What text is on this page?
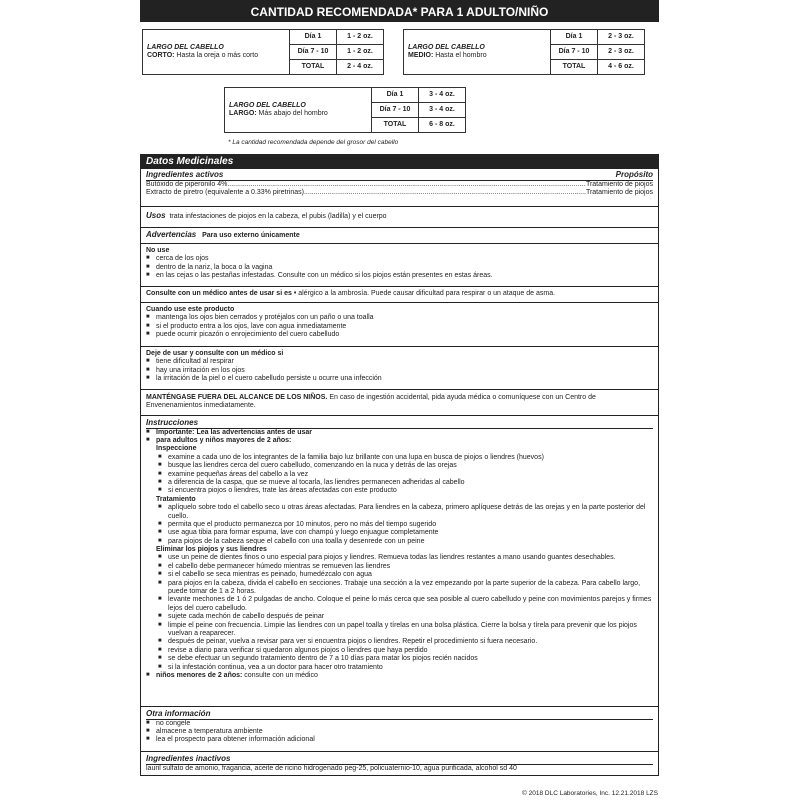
CANTIDAD RECOMENDADA* PARA 1 ADULTO/NIÑO
LARGO DEL CABELLO
CORTO: Hasta la oreja o más corto	Día 1	1 - 2 oz.
	Día 7 - 10	1 - 2 oz.
	TOTAL	2 - 4 oz.
LARGO DEL CABELLO
MEDIO: Hasta el hombro	Día 1	2 - 3 oz.
	Día 7 - 10	2 - 3 oz.
	TOTAL	4 - 6 oz.
LARGO DEL CABELLO
LARGO: Más abajo del hombro	Día 1	3 - 4 oz.
	Día 7 - 10	3 - 4 oz.
	TOTAL	6 - 8 oz.
* La cantidad recomendada depende del grosor del cabello
Datos Medicinales
Ingredientes activos	Propósito
Butóxido de piperonilo 4% .....	Tratamiento de piojos
Extracto de piretro (equivalente a 0.33% piretrinas) .....	Tratamiento de piojos
Usos trata infestaciones de piojos en la cabeza, el pubis (ladilla) y el cuerpo
Advertencias Para uso externo únicamente
No use
■ cerca de los ojos
■ dentro de la nariz, la boca o la vagina
■ en las cejas o las pestañas infestadas. Consulte con un médico si los piojos están presentes en estas áreas.
Consulte con un médico antes de usar si es • alérgico a la ambrosía. Puede causar dificultad para respirar o un ataque de asma.
Cuando use este producto
■ mantenga los ojos bien cerrados y protéjalos con un paño o una toalla
■ si el producto entra a los ojos, lave con agua inmediatamente
■ puede ocurrir picazón o enrojecimiento del cuero cabelludo
Deje de usar y consulte con un médico si
■ tiene dificultad al respirar
■ hay una irritación en los ojos
■ la irritación de la piel o el cuero cabelludo persiste u ocurre una infección
MANTÉNGASE FUERA DEL ALCANCE DE LOS NIÑOS. En caso de ingestión accidental, pida ayuda médica o comuníquese con un Centro de Envenenamientos inmediatamente.
Instrucciones
■ Importante: Lea las advertencias antes de usar
■ para adultos y niños mayores de 2 años:
Inspeccione
■ examine a cada uno de los integrantes de la familia bajo luz brillante con una lupa en busca de piojos o liendres (huevos)
■ busque las liendres cerca del cuero cabelludo, comenzando en la nuca y detrás de las orejas
■ examine pequeñas áreas del cabello a la vez
■ a diferencia de la caspa, que se mueve al tocarla, las liendres permanecen adheridas al cabello
■ si encuentra piojos o liendres, trate las áreas afectadas con este producto
Tratamiento
■ aplíquelo sobre todo el cabello seco u otras áreas afectadas. Para liendres en la cabeza, primero aplíquese detrás de las orejas y en la parte posterior del cuello.
■ permita que el producto permanezca por 10 minutos, pero no más del tiempo sugerido
■ use agua tibia para formar espuma, lave con champú y luego enjuague completamente
■ para piojos de la cabeza seque el cabello con una toalla y desenrede con un peine
Eliminar los piojos y sus liendres
■ use un peine de dientes finos o uno especial para piojos y liendres. Remueva todas las liendres restantes a mano usando guantes desechables.
■ el cabello debe permanecer húmedo mientras se remueven las liendres
■ si el cabello se seca mientras es peinado, humedézcalo con agua
■ para piojos en la cabeza, divida el cabello en secciones. Trabaje una sección a la vez empezando por la parte superior de la cabeza. Para cabello largo, puede tomar de 1 a 2 horas.
■ levante mechones de 1 ó 2 pulgadas de ancho. Coloque el peine lo más cerca que sea posible al cuero cabelludo y peine con movimientos parejos y firmes lejos del cuero cabelludo.
■ sujete cada mechón de cabello después de peinar
■ limpie el peine con frecuencia. Limpie las liendres con un papel toalla y tírelas en una bolsa plástica. Cierre la bolsa y tírela para prevenir que los piojos vuelvan a reaparecer.
■ después de peinar, vuelva a revisar para ver si encuentra piojos o liendres. Repetir el procedimiento si fuera necesario.
■ revise a diario para verificar si quedaron algunos piojos o liendres que haya perdido
■ se debe efectuar un segundo tratamiento dentro de 7 a 10 días para matar los piojos recién nacidos
■ si la infestación continua, vea a un doctor para hacer otro tratamiento
■ niños menores de 2 años: consulte con un médico
Otra información
■ no congele
■ almacene a temperatura ambiente
■ lea el prospecto para obtener información adicional
Ingredientes inactivos
lauril sulfato de amonio, fragancia, aceite de ricino hidrogenado peg-25, policuaternio-10, agua purificada, alcohol sd 40
© 2018 DLC Laboratories, Inc. 12.21.2018 LZS
